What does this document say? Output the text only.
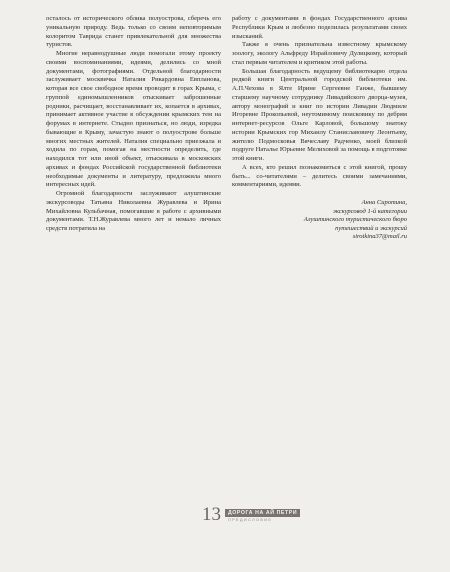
осталось от исторического облика полуострова, сберечь его уникальную природу. Ведь только со своим неповторимым колоритом Таврида станет привлекательной для множества туристов.

Многие неравнодушные люди помогали этому проекту своими воспоминаниями, идеями, делились со мной документами, фотографиями. Отдельной благодарности заслуживает москвичка Наталия Рикардовна Евпланова, которая все свое свободное время проводит в горах Крыма, с группой единомышленников отыскивает заброшенные родники, расчищает, восстанавливает их, копается в архивах, принимает активное участие в обсуждении крымских тем на форумах в интернете. Стыдно признаться, но люди, изредка бывающие в Крыму, зачастую знают о полуострове больше многих местных жителей. Наталия специально приезжала и ходила по горам, помогая на местности определить, где находился тот или иной объект, отыскивала в московских архивах и фондах Российской государственной библиотеки необходимые документы и литературу, предложила много интересных идей.

Огромной благодарности заслуживают алуштинские экскурсоводы Татьяна Николаевна Журавлева и Ирина Михайловна Кульбачная, помогавшие в работе с архивными документами. Т.Н.Журавлева много лет и немало личных средств потратила на

работу с документами в фондах Государственного архива Республики Крым и любезно поделилась результатами своих изысканий.

Также я очень признательна известному крымскому зоологу, экологу Альфреду Израйловичу Дулицкому, который стал первым читателем и критиком этой работы.

Большая благодарность ведущему библиотекарю отдела редкой книги Центральной городской библиотеки им. А.П.Чехова в Ялте Ирине Сергеевне Ганже, бывшему старшему научному сотруднику Ливадийского дворца-музея, автору монографий и книг по истории Ливадии Людмиле Игоревне Прокопьевой, неутомимому поисковику по дебрям интернет-ресурсов Ольге Карловой, большому знатоку истории Крымских гор Михаилу Станиславовичу Леонтьеву, жителю Подмосковья Вячеславу Радченко, моей близкой подруге Наталье Юрьевне Мелиховой за помощь в подготовке этой книги.

А всех, кто решил познакомиться с этой книгой, прошу быть... со-читателями – делитесь своими замечаниями, комментариями, идеями.

Анна Сиротина,
экскурсовод 1-й категории
Алуштинского туристического бюро
путешествий и экскурсий
sirotkina37@mail.ru
13	ДОРОГА НА АЙ ПЕТРИ
ПРЕДИСЛОВИЕ
